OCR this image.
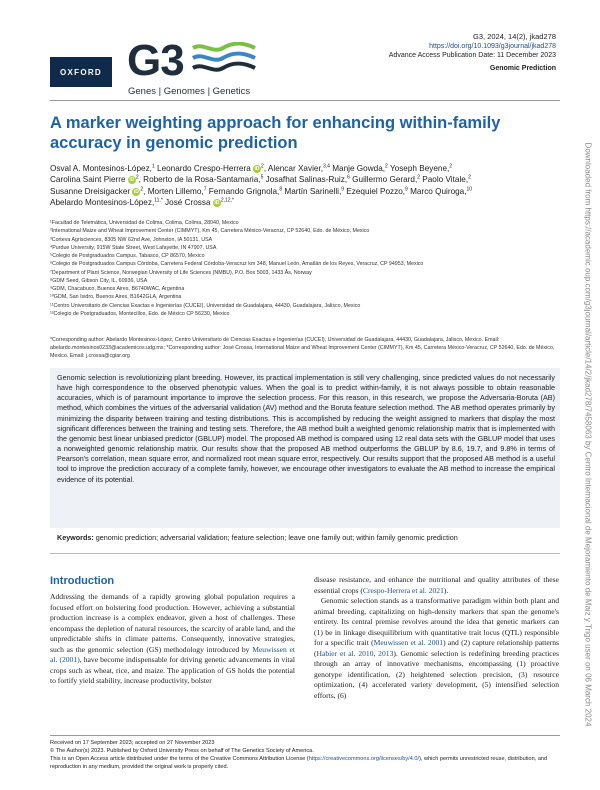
OXFORD G3
Genes | Genomes | Genetics
G3, 2024, 14(2), jkad278
https://doi.org/10.1093/g3journal/jkad278
Advance Access Publication Date: 11 December 2023
Genomic Prediction
Downloaded from https://academic.oup.com/g3journal/article/14/2/jkad278/7458063 by Centro Internacional de Mejoramiento de Maiz y Trigo user on 06 March 2024
A marker weighting approach for enhancing within-family accuracy in genomic prediction
Osval A. Montesinos-López,$^1$ Leonardo Crespo-Herrera iD $^2$, Alencar Xavier,$^{3,4}$ Manje Gowda,$^2$ Yoseph Beyene,$^2$
Carolina Saint Pierre iD $^2$, Roberto de la Rosa-Santamaria,$^5$ Josafhat Salinas-Ruiz,$^6$ Guillermo Gerard,$^2$ Paolo Vitale,$^2$
Susanne Dreisigacker iD $^2$, Morten Lillemo,$^7$ Fernando Grignola,$^8$ Martín Sarinelli,$^9$ Ezequiel Pozzo,$^9$ Marco Quiroga,$^{10}$
Abelardo Montesinos-López,$^{11,*}$ José Crossa iD $^{2,12,*}$
¹Facultad de Telemática, Universidad de Colima, Colima, Colima, 28040, Mexico
²International Maize and Wheat Improvement Center (CIMMYT), Km 45, Carretera México-Veracruz, CP 52640, Edo. de México, Mexico
³Corteva Agrisciences, 8305 NW 62nd Ave, Johnston, IA 50131, USA
⁴Purdue University, 915W State Street, West Lafayette, IN 47907, USA
⁵Colegio de Postgraduados Campus, Tabasco, CP 86570, Mexico
⁶Colegio de Postgraduados Campus Córdoba, Carretera Federal Córdoba-Veracruz km 348, Manuel León, Amatlán de los Reyes, Veracruz, CP 94953, Mexico
⁷Department of Plant Science, Norwegian University of Life Sciences (NMBU), P.O. Box 5003, 1433 Ås, Norway
⁸GDM Seed, Gibson City, IL, 60936, USA
⁹GDM, Chacabuco, Buenos Aires, B6740WAC, Argentina
¹⁰GDM, San Isidro, Buenos Aires, B1642GLA, Argentina
¹¹Centro Universitario de Ciencias Exactas e Ingenierías (CUCEI), Universidad de Guadalajara, 44430, Guadalajara, Jalisco, Mexico
¹²Colegio de Postgraduados, Montecillos, Edo. de México CP 56230, Mexico
*Corresponding author: Abelardo Montesinos-López, Centro Universitario de Ciencias Exactas e Ingenierías (CUCEI), Universidad de Guadalajara, 44430, Guadalajara, Jalisco, Mexico. Email: abelardo.montesinos0233@academicos.udg.mx; *Corresponding author: José Crossa, International Maize and Wheat Improvement Center (CIMMYT), Km 45, Carretera México-Veracruz, CP 52640, Edo. de México, Mexico. Email: j.crossa@cgiar.org
Genomic selection is revolutionizing plant breeding. However, its practical implementation is still very challenging, since predicted values do not necessarily have high correspondence to the observed phenotypic values. When the goal is to predict within-family, it is not always possible to obtain reasonable accuracies, which is of paramount importance to improve the selection process. For this reason, in this research, we propose the Adversaria-Boruta (AB) method, which combines the virtues of the adversarial validation (AV) method and the Boruta feature selection method. The AB method operates primarily by minimizing the disparity between training and testing distributions. This is accomplished by reducing the weight assigned to markers that display the most significant differences between the training and testing sets. Therefore, the AB method built a weighted genomic relationship matrix that is implemented with the genomic best linear unbiased predictor (GBLUP) model. The proposed AB method is compared using 12 real data sets with the GBLUP model that uses a nonweighted genomic relationship matrix. Our results show that the proposed AB method outperforms the GBLUP by 8.6, 19.7, and 9.8% in terms of Pearson's correlation, mean square error, and normalized root mean square error, respectively. Our results support that the proposed AB method is a useful tool to improve the prediction accuracy of a complete family, however, we encourage other investigators to evaluate the AB method to increase the empirical evidence of its potential.
Keywords: genomic prediction; adversarial validation; feature selection; leave one family out; within family genomic prediction
Introduction
Addressing the demands of a rapidly growing global population requires a focused effort on bolstering food production. However, achieving a substantial production increase is a complex endeavor, given a host of challenges. These encompass the depletion of natural resources, the scarcity of arable land, and the unpredictable shifts in climate patterns. Consequently, innovative strategies, such as the genomic selection (GS) methodology introduced by Meuwissen et al. (2001), have become indispensable for driving genetic advancements in vital crops such as wheat, rice, and maize. The application of GS holds the potential to fortify yield stability, increase productivity, bolster
disease resistance, and enhance the nutritional and quality attributes of these essential crops (Crespo-Herrera et al. 2021).
Genomic selection stands as a transformative paradigm within both plant and animal breeding, capitalizing on high-density markers that span the genome's entirety. Its central premise revolves around the idea that genetic markers can (1) be in linkage disequilibrium with quantitative trait locus (QTL) responsible for a specific trait (Meuwissen et al. 2001) and (2) capture relationship patterns (Habier et al. 2010, 2013). Genomic selection is redefining breeding practices through an array of innovative mechanisms, encompassing (1) proactive genotype identification, (2) heightened selection precision, (3) resource optimization, (4) accelerated variety development, (5) intensified selection efforts, (6)
Received on 17 September 2023; accepted on 27 November 2023
© The Author(s) 2023. Published by Oxford University Press on behalf of The Genetics Society of America.
This is an Open Access article distributed under the terms of the Creative Commons Attribution License (https://creativecommons.org/licenses/by/4.0/), which permits unrestricted reuse, distribution, and reproduction in any medium, provided the original work is properly cited.
